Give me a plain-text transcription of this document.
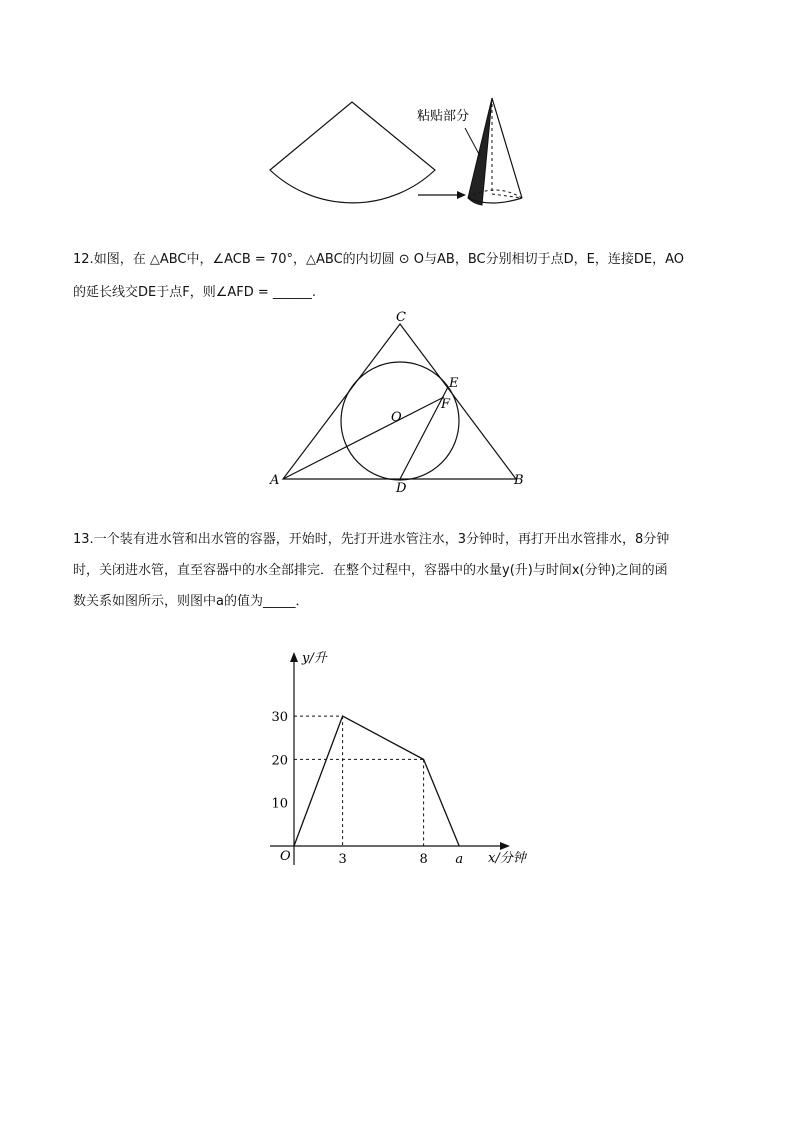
粘贴部分
12.如图，在 △ABC中，∠ACB = 70°，△ABC的内切圆 ⊙ O与AB，BC分别相切于点D，E，连接DE，AO
的延长线交DE于点F，则∠AFD = ______.
C
E
F
O
A
D
B
13.一个装有进水管和出水管的容器，开始时，先打开进水管注水，3分钟时，再打开出水管排水，8分钟
时，关闭进水管，直至容器中的水全部排完．在整个过程中，容器中的水量y(升)与时间x(分钟)之间的函
数关系如图所示，则图中a的值为_____．
10
20
30
3	8 a
O
y/升
x/分钟
